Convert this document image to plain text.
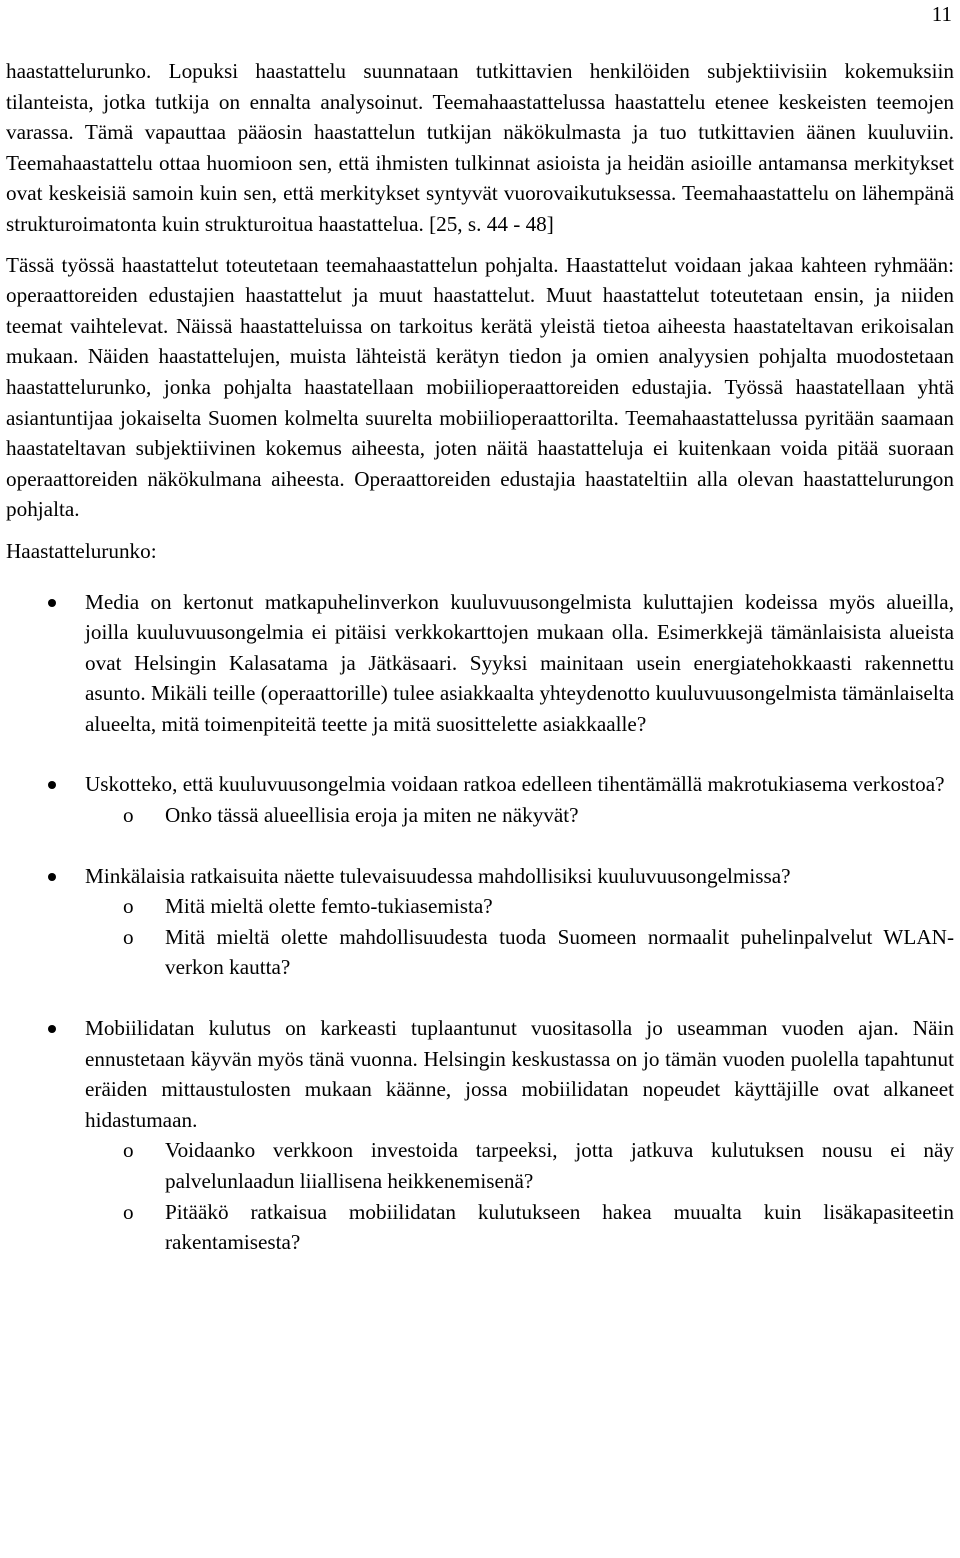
11

haastattelurunko. Lopuksi haastattelu suunnataan tutkittavien henkilöiden subjektiivisiin kokemuksiin tilanteista, jotka tutkija on ennalta analysoinut. Teemahaastattelussa haastattelu etenee keskeisten teemojen varassa. Tämä vapauttaa pääosin haastattelun tutkijan näkökulmasta ja tuo tutkittavien äänen kuuluviin. Teemahaastattelu ottaa huomioon sen, että ihmisten tulkinnat asioista ja heidän asioille antamansa merkitykset ovat keskeisiä samoin kuin sen, että merkitykset syntyvät vuorovaikutuksessa. Teemahaastattelu on lähempänä strukturoimatonta kuin strukturoitua haastattelua. [25, s. 44 - 48]

Tässä työssä haastattelut toteutetaan teemahaastattelun pohjalta. Haastattelut voidaan jakaa kahteen ryhmään: operaattoreiden edustajien haastattelut ja muut haastattelut. Muut haastattelut toteutetaan ensin, ja niiden teemat vaihtelevat. Näissä haastatteluissa on tarkoitus kerätä yleistä tietoa aiheesta haastateltavan erikoisalan mukaan. Näiden haastattelujen, muista lähteistä kerätyn tiedon ja omien analyysien pohjalta muodostetaan haastattelurunko, jonka pohjalta haastatellaan mobiilioperaattoreiden edustajia. Työssä haastatellaan yhtä asiantuntijaa jokaiselta Suomen kolmelta suurelta mobiilioperaattorilta. Teemahaastattelussa pyritään saamaan haastateltavan subjektiivinen kokemus aiheesta, joten näitä haastatteluja ei kuitenkaan voida pitää suoraan operaattoreiden näkökulmana aiheesta. Operaattoreiden edustajia haastateltiin alla olevan haastattelurungon pohjalta.

Haastattelurunko:

Media on kertonut matkapuhelinverkon kuuluvuusongelmista kuluttajien kodeissa myös alueilla, joilla kuuluvuusongelmia ei pitäisi verkkokarttojen mukaan olla. Esimerkkejä tämänlaisista alueista ovat Helsingin Kalasatama ja Jätkäsaari. Syyksi mainitaan usein energiatehokkaasti rakennettu asunto. Mikäli teille (operaattorille) tulee asiakkaalta yhteydenotto kuuluvuusongelmista tämänlaiselta alueelta, mitä toimenpiteitä teette ja mitä suosittelette asiakkaalle?
Uskotteko, että kuuluvuusongelmia voidaan ratkoa edelleen tihentämällä makrotukiasema verkostoa?
o Onko tässä alueellisia eroja ja miten ne näkyvät?
Minkälaisia ratkaisuita näette tulevaisuudessa mahdollisiksi kuuluvuusongelmissa?
o Mitä mieltä olette femto-tukiasemista?
o Mitä mieltä olette mahdollisuudesta tuoda Suomeen normaalit puhelinpalvelut WLAN-verkon kautta?
Mobiilidatan kulutus on karkeasti tuplaantunut vuositasolla jo useamman vuoden ajan. Näin ennustetaan käyvän myös tänä vuonna. Helsingin keskustassa on jo tämän vuoden puolella tapahtunut eräiden mittaustulosten mukaan käänne, jossa mobiilidatan nopeudet käyttäjille ovat alkaneet hidastumaan.
o Voidaanko verkkoon investoida tarpeeksi, jotta jatkuva kulutuksen nousu ei näy palvelunlaadun liiallisena heikkenemisenä?
o Pitääkö ratkaisua mobiilidatan kulutukseen hakea muualta kuin lisäkapasiteetin rakentamisesta?
